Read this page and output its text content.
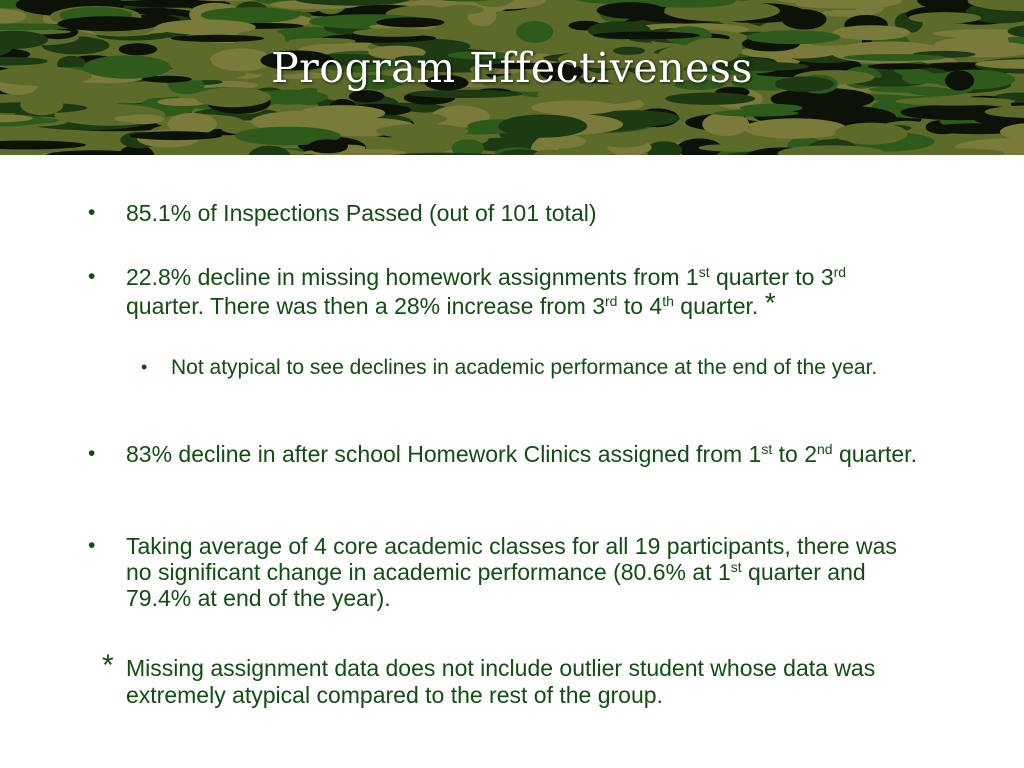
Program Effectiveness
• 85.1% of Inspections Passed (out of 101 total)
• 22.8% decline in missing homework assignments from 1st quarter to 3rd quarter. There was then a 28% increase from 3rd to 4th quarter. *
• Not atypical to see declines in academic performance at the end of the year.
• 83% decline in after school Homework Clinics assigned from 1st to 2nd quarter.
• Taking average of 4 core academic classes for all 19 participants, there was no significant change in academic performance (80.6% at 1st quarter and 79.4% at end of the year).
* Missing assignment data does not include outlier student whose data was extremely atypical compared to the rest of the group.
